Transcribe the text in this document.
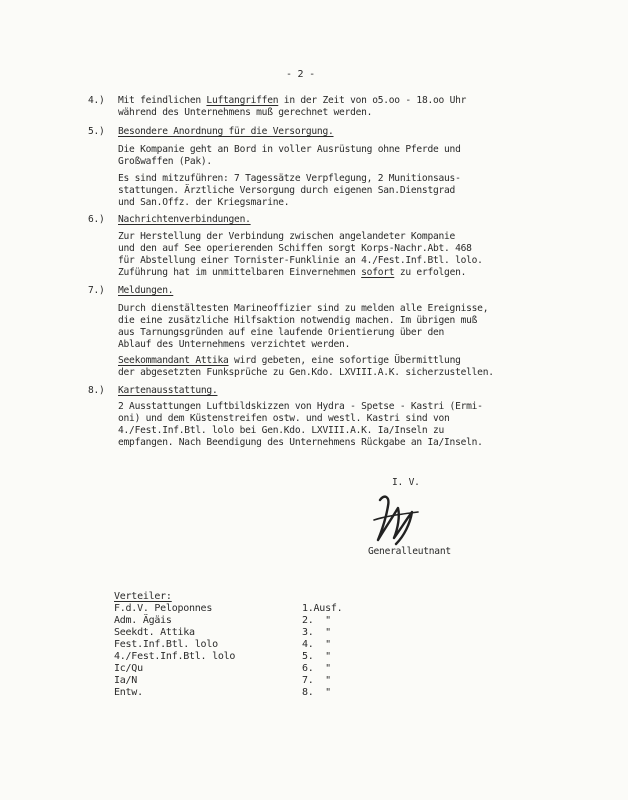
- 2 -
4.) Mit feindlichen Luftangriffen in der Zeit von o5.oo - 18.oo Uhr
während des Unternehmens muß gerechnet werden.
5.) Besondere Anordnung für die Versorgung.
Die Kompanie geht an Bord in voller Ausrüstung ohne Pferde und
Großwaffen (Pak).
Es sind mitzuführen: 7 Tagessätze Verpflegung, 2 Munitionsaus-
stattungen. Ärztliche Versorgung durch eigenen San.Dienstgrad
und San.Offz. der Kriegsmarine.
6.) Nachrichtenverbindungen.
Zur Herstellung der Verbindung zwischen angelandeter Kompanie
und den auf See operierenden Schiffen sorgt Korps-Nachr.Abt. 468
für Abstellung einer Tornister-Funklinie an 4./Fest.Inf.Btl. lolo.
Zuführung hat im unmittelbaren Einvernehmen sofort zu erfolgen.
7.) Meldungen.
Durch dienstältesten Marineoffizier sind zu melden alle Ereignisse,
die eine zusätzliche Hilfsaktion notwendig machen. Im übrigen muß
aus Tarnungsgründen auf eine laufende Orientierung über den
Ablauf des Unternehmens verzichtet werden.
Seekommandant Attika wird gebeten, eine sofortige Übermittlung
der abgesetzten Funksprüche zu Gen.Kdo. LXVIII.A.K. sicherzustellen.
8.) Kartenausstattung.
2 Ausstattungen Luftbildskizzen von Hydra - Spetse - Kastri (Ermi-
oni) und dem Küstenstreifen ostw. und westl. Kastri sind von
4./Fest.Inf.Btl. lolo bei Gen.Kdo. LXVIII.A.K. Ia/Inseln zu
empfangen. Nach Beendigung des Unternehmens Rückgabe an Ia/Inseln.
I. V.
Generalleutnant
Verteiler:
F.d.V. Peloponnes	1.Ausf.
Adm. Ägäis	2.  "
Seekdt. Attika	3.  "
Fest.Inf.Btl. lolo	4.  "
4./Fest.Inf.Btl. lolo	5.  "
Ic/Qu	6.  "
Ia/N	7.  "
Entw.	8.  "
